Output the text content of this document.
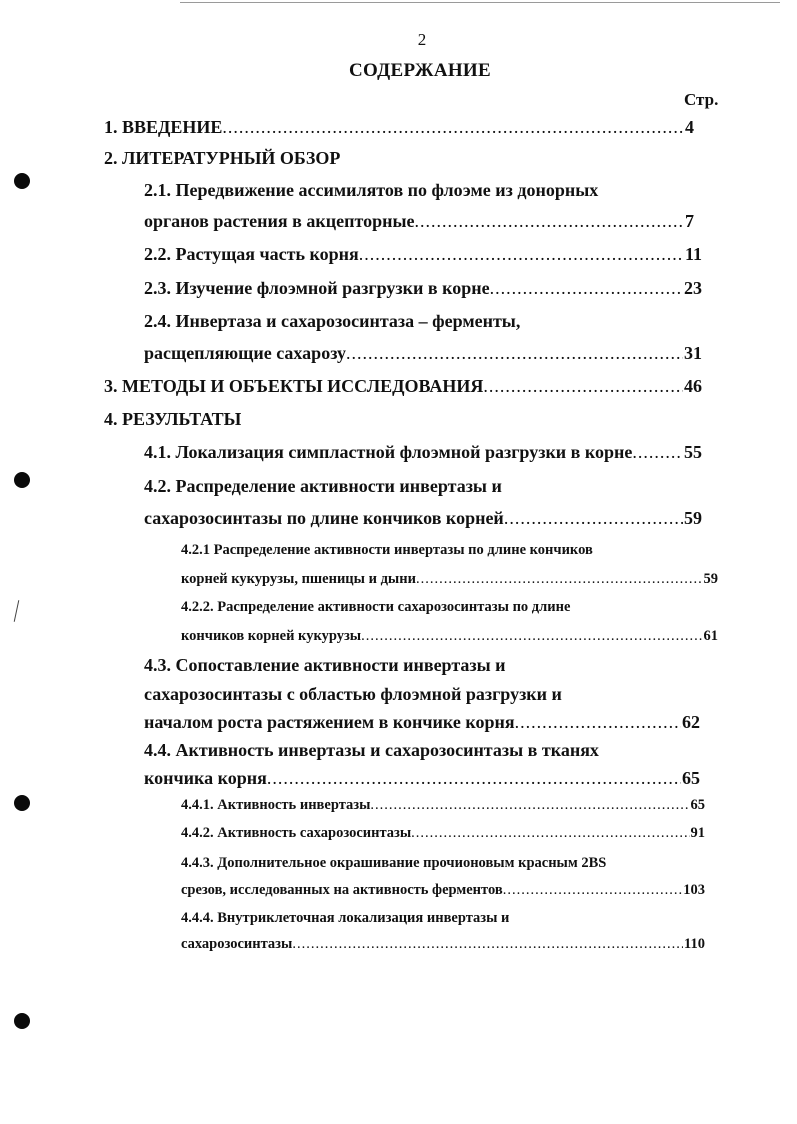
2
СОДЕРЖАНИЕ
Стр.
1. ВВЕДЕНИЕ .....	4
2. ЛИТЕРАТУРНЫЙ ОБЗОР
2.1. Передвижение ассимилятов по флоэме из донорных
органов растения в акцепторные .....	7
2.2. Растущая часть корня .....	11
2.3. Изучение флоэмной разгрузки в корне .....	23
2.4. Инвертаза и сахарозосинтаза – ферменты,
расщепляющие сахарозу .....	31
3. МЕТОДЫ И ОБЪЕКТЫ ИССЛЕДОВАНИЯ .....	46
4. РЕЗУЛЬТАТЫ
4.1. Локализация симпластной флоэмной разгрузки в корне .....	55
4.2. Распределение активности инвертазы и
сахарозосинтазы по длине кончиков корней .....	59
4.2.1 Распределение активности инвертазы по длине кончиков
корней кукурузы, пшеницы и дыни .....	59
4.2.2. Распределение активности сахарозосинтазы по длине
кончиков корней кукурузы .....	61
4.3. Сопоставление активности инвертазы и
сахарозосинтазы с областью флоэмной разгрузки и
началом роста растяжением в кончике корня .....	62
4.4. Активность инвертазы и сахарозосинтазы в тканях
кончика корня .....	65
4.4.1. Активность инвертазы .....	65
4.4.2. Активность сахарозосинтазы .....	91
4.4.3. Дополнительное окрашивание прочионовым красным 2BS
срезов, исследованных на активность ферментов .....	103
4.4.4. Внутриклеточная локализация инвертазы и
сахарозосинтазы .....	110
